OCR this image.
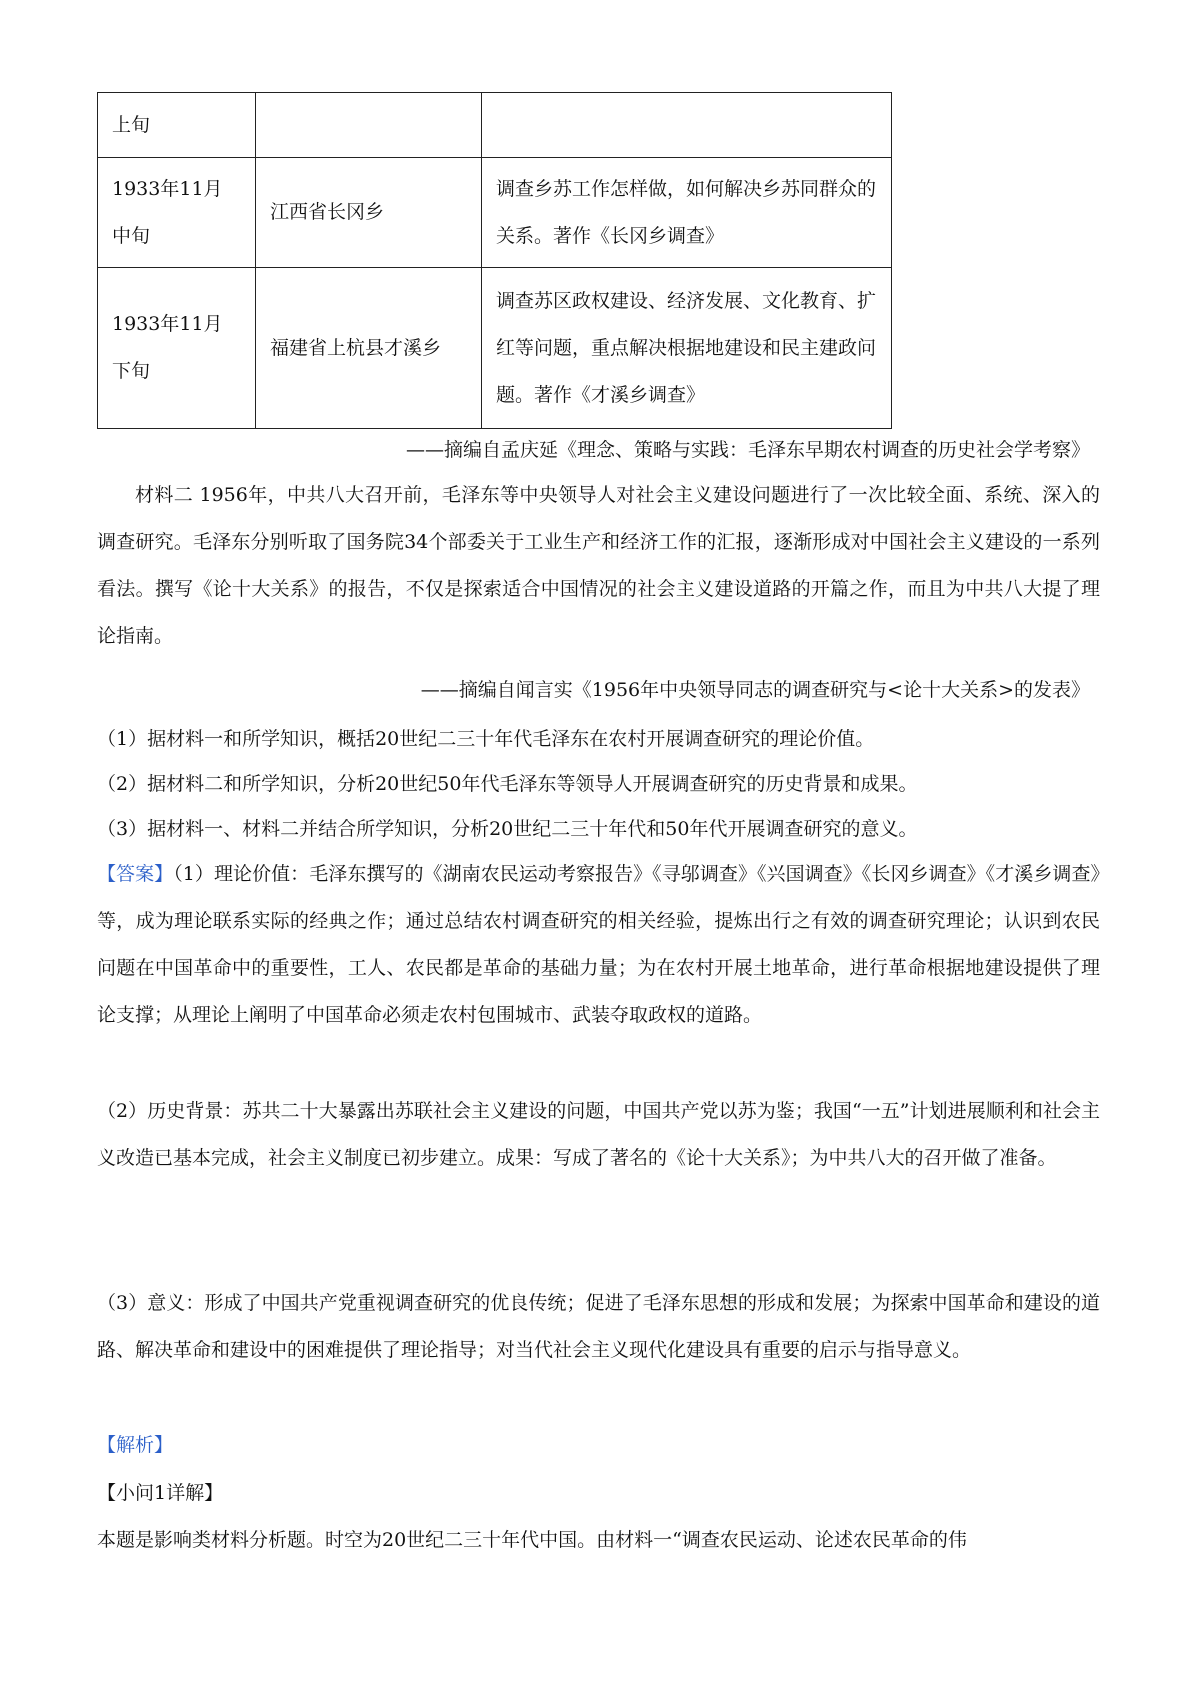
上旬		
1933年11月中旬	江西省长冈乡	调查乡苏工作怎样做，如何解决乡苏同群众的关系。著作《长冈乡调查》
1933年11月下旬	福建省上杭县才溪乡	调查苏区政权建设、经济发展、文化教育、扩红等问题，重点解决根据地建设和民主建政问题。著作《才溪乡调查》
——摘编自孟庆延《理念、策略与实践：毛泽东早期农村调查的历史社会学考察》
材料二 1956年，中共八大召开前，毛泽东等中央领导人对社会主义建设问题进行了一次比较全面、系统、深入的调查研究。毛泽东分别听取了国务院34个部委关于工业生产和经济工作的汇报，逐渐形成对中国社会主义建设的一系列看法。撰写《论十大关系》的报告，不仅是探索适合中国情况的社会主义建设道路的开篇之作，而且为中共八大提了理论指南。
——摘编自闻言实《1956年中央领导同志的调查研究与<论十大关系>的发表》
（1）据材料一和所学知识，概括20世纪二三十年代毛泽东在农村开展调查研究的理论价值。
（2）据材料二和所学知识，分析20世纪50年代毛泽东等领导人开展调查研究的历史背景和成果。
（3）据材料一、材料二并结合所学知识，分析20世纪二三十年代和50年代开展调查研究的意义。
【答案】（1）理论价值：毛泽东撰写的《湖南农民运动考察报告》《寻邬调查》《兴国调查》《长冈乡调查》《才溪乡调查》等，成为理论联系实际的经典之作；通过总结农村调查研究的相关经验，提炼出行之有效的调查研究理论；认识到农民问题在中国革命中的重要性，工人、农民都是革命的基础力量；为在农村开展土地革命，进行革命根据地建设提供了理论支撑；从理论上阐明了中国革命必须走农村包围城市、武装夺取政权的道路。
（2）历史背景：苏共二十大暴露出苏联社会主义建设的问题，中国共产党以苏为鉴；我国“一五”计划进展顺利和社会主义改造已基本完成，社会主义制度已初步建立。成果：写成了著名的《论十大关系》；为中共八大的召开做了准备。
（3）意义：形成了中国共产党重视调查研究的优良传统；促进了毛泽东思想的形成和发展；为探索中国革命和建设的道路、解决革命和建设中的困难提供了理论指导；对当代社会主义现代化建设具有重要的启示与指导意义。
【解析】
【小问1详解】
本题是影响类材料分析题。时空为20世纪二三十年代中国。由材料一“调查农民运动、论述农民革命的伟
